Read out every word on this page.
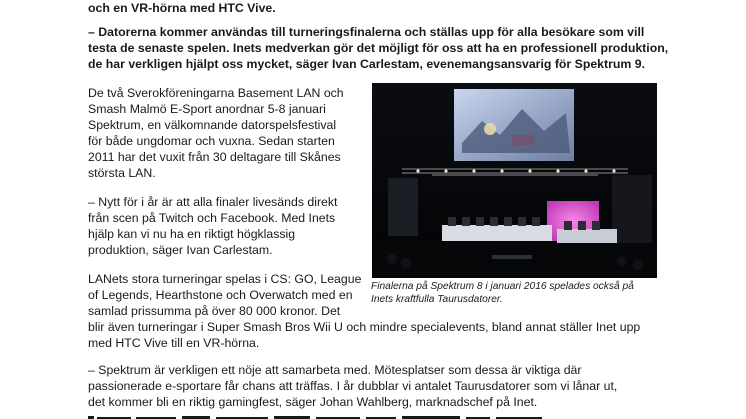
och en VR-hörna med HTC Vive.
– Datorerna kommer användas till turneringsfinalerna och ställas upp för alla besökare som vill
testa de senaste spelen. Inets medverkan gör det möjligt för oss att ha en professionell produktion,
de har verkligen hjälpt oss mycket, säger Ivan Carlestam, evenemangsansvarig för Spektrum 9.
De två Sverokföreningarna Basement LAN och
Smash Malmö E-Sport anordnar 5-8 januari
Spektrum, en välkomnande datorspelsfestival
för både ungdomar och vuxna. Sedan starten
2011 har det vuxit från 30 deltagare till Skånes
största LAN.
– Nytt för i år är att alla finaler livesänds direkt
från scen på Twitch och Facebook. Med Inets
hjälp kan vi nu ha en riktigt högklassig
produktion, säger Ivan Carlestam.
LANets stora turneringar spelas i CS: GO, League
of Legends, Hearthstone och Overwatch med en
samlad prissumma på över 80 000 kronor. Det
blir även turneringar i Super Smash Bros Wii U och mindre specialevents, bland annat ställer Inet upp
med HTC Vive till en VR-hörna.
– Spektrum är verkligen ett nöje att samarbeta med. Mötesplatser som dessa är viktiga där
passionerade e-sportare får chans att träffas. I år dubblar vi antalet Taurusdatorer som vi lånar ut,
det kommer bli en riktig gamingfest, säger Johan Wahlberg, marknadschef på Inet.
Finalerna på Spektrum 8 i januari 2016 spelades också på
Inets kraftfulla Taurusdatorer.
